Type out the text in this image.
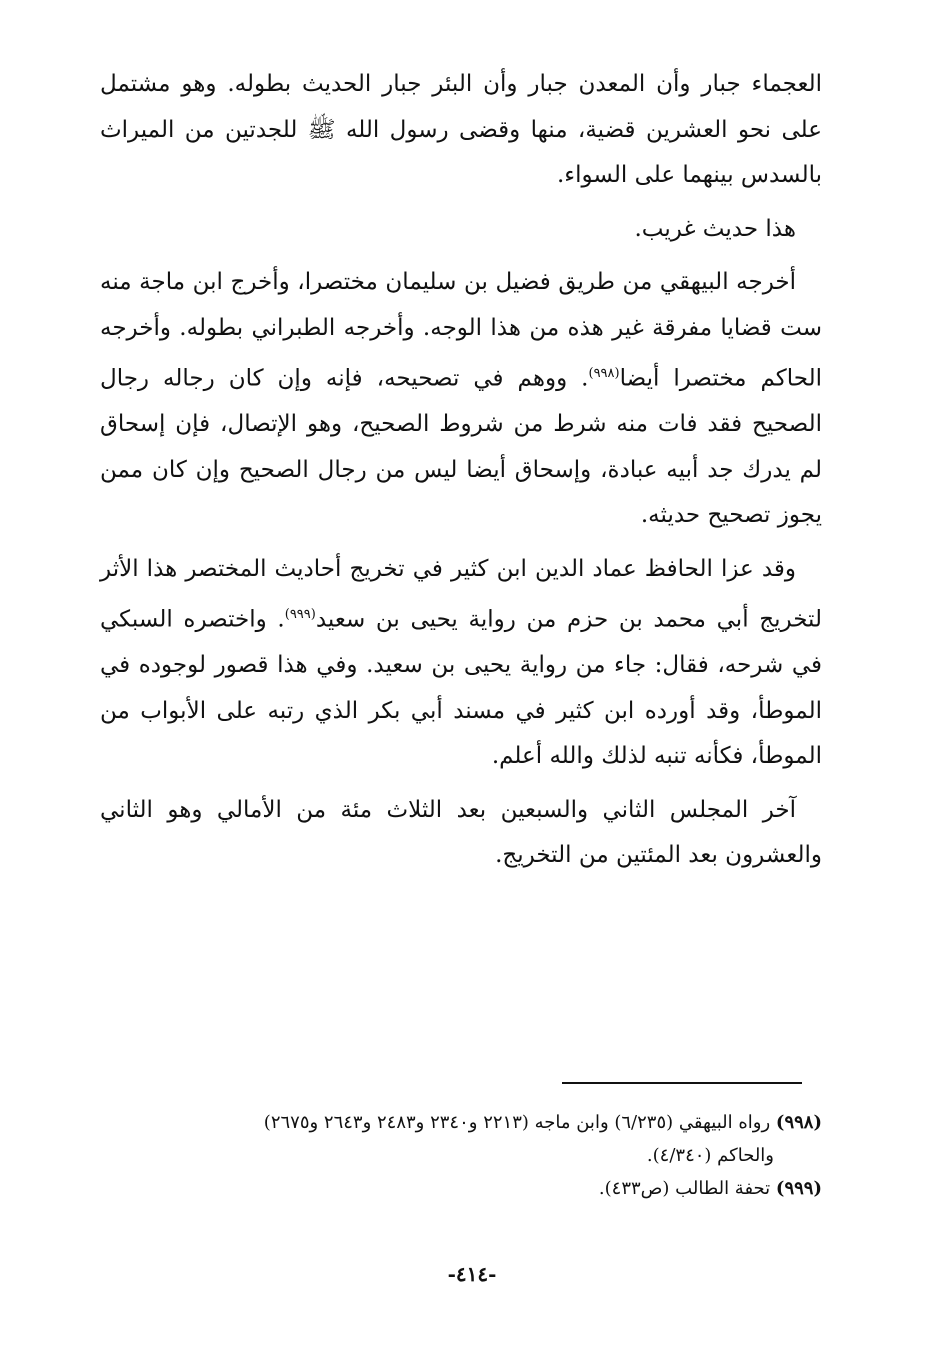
العجماء جبار وأن المعدن جبار وأن البئر جبار الحديث بطوله. وهو مشتمل على نحو العشرين قضية، منها وقضى رسول الله ﷺ للجدتين من الميراث بالسدس بينهما على السواء.

هذا حديث غريب.

أخرجه البيهقي من طريق فضيل بن سليمان مختصرا، وأخرج ابن ماجة منه ست قضايا مفرقة غير هذه من هذا الوجه. وأخرجه الطبراني بطوله. وأخرجه الحاكم مختصرا أيضا$^{(٩٩٨)}$. ووهم في تصحيحه، فإنه وإن كان رجاله رجال الصحيح فقد فات منه شرط من شروط الصحيح، وهو الإتصال، فإن إسحاق لم يدرك جد أبيه عبادة، وإسحاق أيضا ليس من رجال الصحيح وإن كان ممن يجوز تصحيح حديثه.

وقد عزا الحافظ عماد الدين ابن كثير في تخريج أحاديث المختصر هذا الأثر لتخريج أبي محمد بن حزم من رواية يحيى بن سعيد$^{(٩٩٩)}$. واختصره السبكي في شرحه، فقال: جاء من رواية يحيى بن سعيد. وفي هذا قصور لوجوده في الموطأ، وقد أورده ابن كثير في مسند أبي بكر الذي رتبه على الأبواب من الموطأ، فكأنه تنبه لذلك والله أعلم.

آخر المجلس الثاني والسبعين بعد الثلاث مئة من الأمالي وهو الثاني والعشرون بعد المئتين من التخريج.

(٩٩٨) رواه البيهقي (٦/٢٣٥) وابن ماجه (٢٢١٣ و٢٣٤٠ و٢٤٨٣ و٢٦٤٣ و٢٦٧٥)

والحاكم (٤/٣٤٠).

(٩٩٩) تحفة الطالب (ص٤٣٣).

-٤١٤-
